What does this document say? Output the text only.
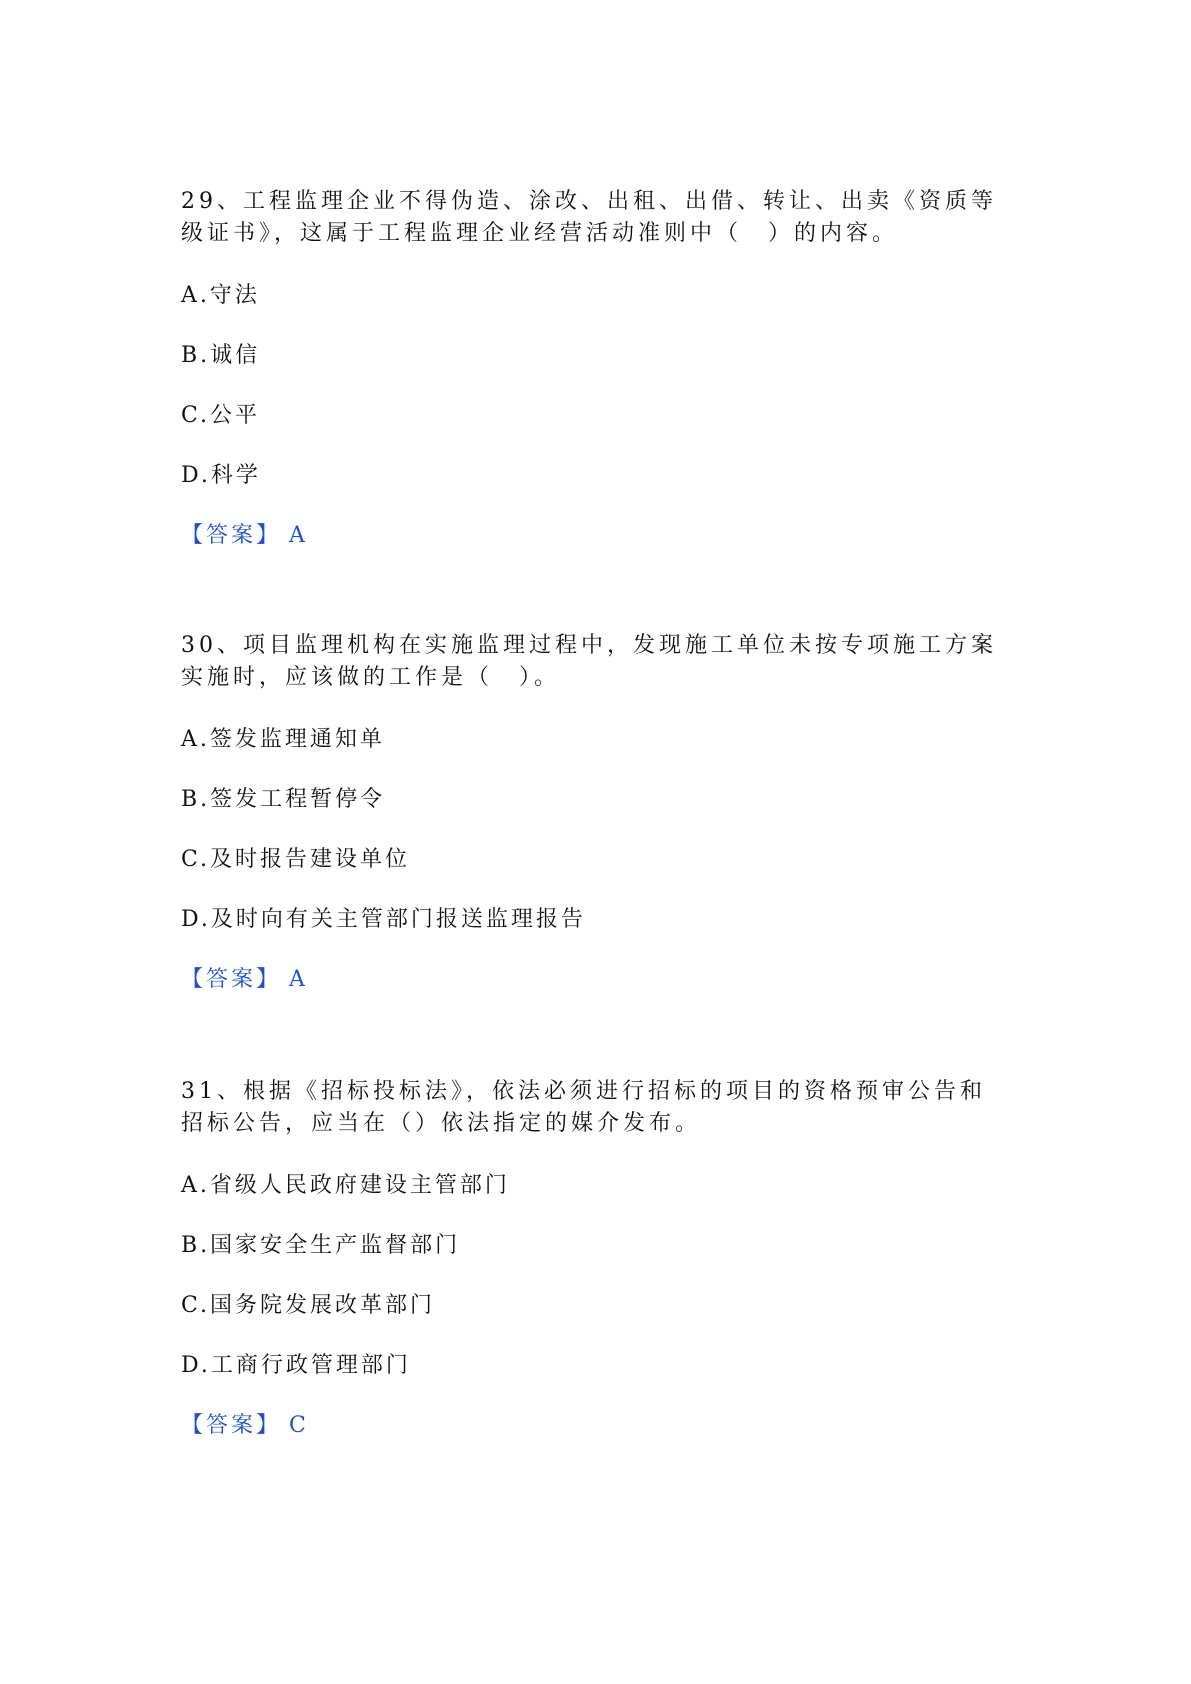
29、工程监理企业不得伪造、涂改、出租、出借、转让、出卖《资质等级证书》，这属于工程监理企业经营活动准则中（　）的内容。

A.守法
B.诚信
C.公平
D.科学
【答案】 A

30、项目监理机构在实施监理过程中，发现施工单位未按专项施工方案实施时，应该做的工作是（　）。

A.签发监理通知单
B.签发工程暂停令
C.及时报告建设单位
D.及时向有关主管部门报送监理报告
【答案】 A

31、根据《招标投标法》，依法必须进行招标的项目的资格预审公告和招标公告，应当在（）依法指定的媒介发布。

A.省级人民政府建设主管部门
B.国家安全生产监督部门
C.国务院发展改革部门
D.工商行政管理部门
【答案】 C
